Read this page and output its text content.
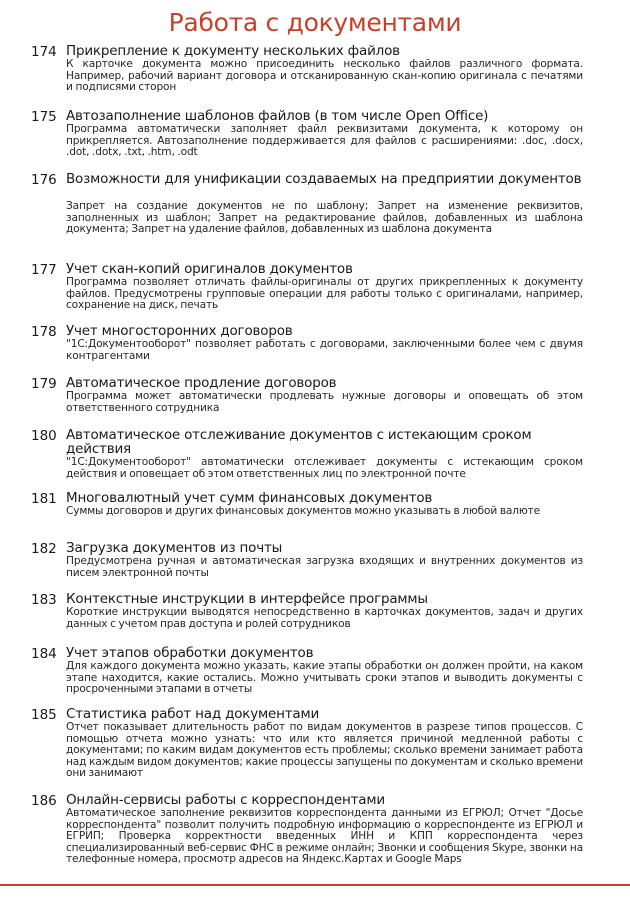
Работа с документами
174 Прикрепление к документу нескольких файлов
К карточке документа можно присоединить несколько файлов различного формата. Например, рабочий вариант договора и отсканированную скан-копию оригинала с печатями и подписями сторон
175 Автозаполнение шаблонов файлов (в том числе Open Office)
Программа автоматически заполняет файл реквизитами документа, к которому он прикрепляется. Автозаполнение поддерживается для файлов с расширениями: .doc, .docx, .dot, .dotx, .txt, .htm, .odt
176 Возможности для унификации создаваемых на предприятии документов
Запрет на создание документов не по шаблону; Запрет на изменение реквизитов, заполненных из шаблон; Запрет на редактирование файлов, добавленных из шаблона документа; Запрет на удаление файлов, добавленных из шаблона документа
177 Учет скан-копий оригиналов документов
Программа позволяет отличать файлы-оригиналы от других прикрепленных к документу файлов. Предусмотрены групповые операции для работы только с оригиналами, например, сохранение на диск, печать
178 Учет многосторонних договоров
"1С:Документооборот" позволяет работать с договорами, заключенными более чем с двумя контрагентами
179 Автоматическое продление договоров
Программа может автоматически продлевать нужные договоры и оповещать об этом ответственного сотрудника
180 Автоматическое отслеживание документов с истекающим сроком действия
"1С:Документооборот" автоматически отслеживает документы с истекающим сроком действия и оповещает об этом ответственных лиц по электронной почте
181 Многовалютный учет сумм финансовых документов
Суммы договоров и других финансовых документов можно указывать в любой валюте
182 Загрузка документов из почты
Предусмотрена ручная и автоматическая загрузка входящих и внутренних документов из писем электронной почты
183 Контекстные инструкции в интерфейсе программы
Короткие инструкции выводятся непосредственно в карточках документов, задач и других данных с учетом прав доступа и ролей сотрудников
184 Учет этапов обработки документов
Для каждого документа можно указать, какие этапы обработки он должен пройти, на каком этапе находится, какие остались. Можно учитывать сроки этапов и выводить документы с просроченными этапами в отчеты
185 Статистика работ над документами
Отчет показывает длительность работ по видам документов в разрезе типов процессов. С помощью отчета можно узнать: что или кто является причиной медленной работы с документами; по каким видам документов есть проблемы; сколько времени занимает работа над каждым видом документов; какие процессы запущены по документам и сколько времени они занимают
186 Онлайн-сервисы работы с корреспондентами
Автоматическое заполнение реквизитов корреспондента данными из ЕГРЮЛ; Отчет "Досье корреспондента" позволит получить подробную информацию о корреспонденте из ЕГРЮЛ и ЕГРИП; Проверка корректности введенных ИНН и КПП корреспондента через специализированный веб-сервис ФНС в режиме онлайн; Звонки и сообщения Skype, звонки на телефонные номера, просмотр адресов на Яндекс.Картах и Google Maps
